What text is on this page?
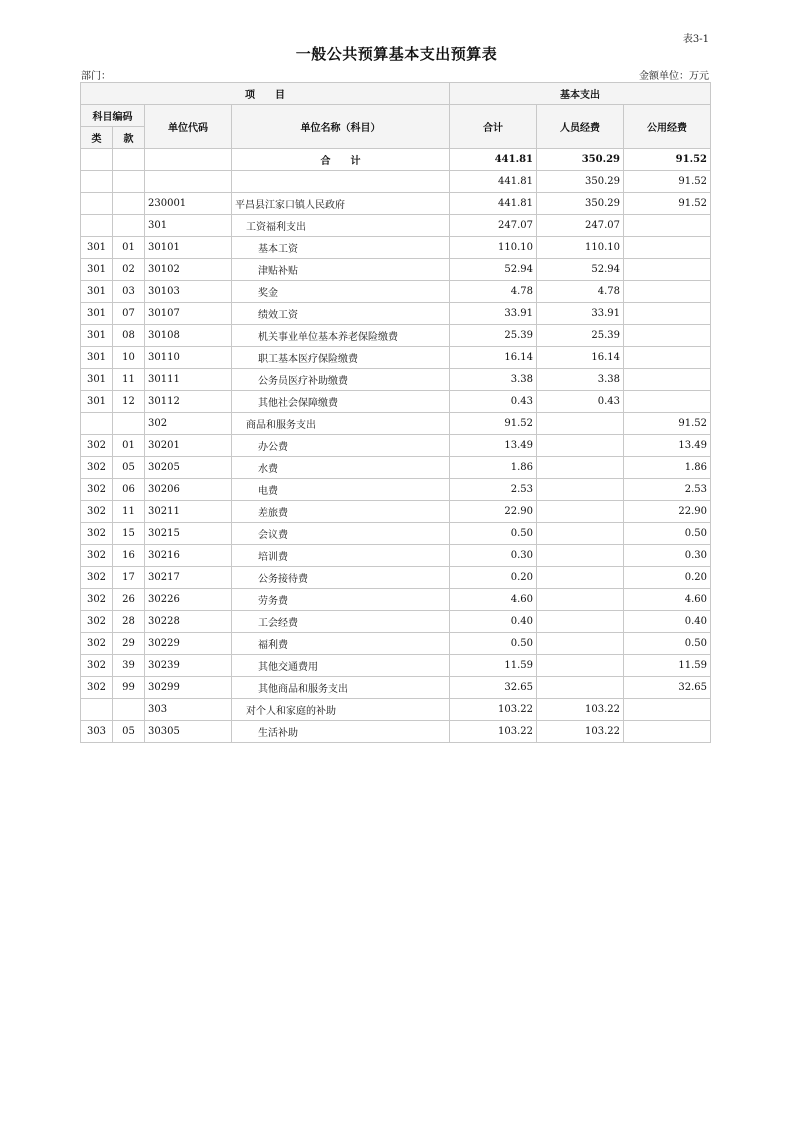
表3-1
一般公共预算基本支出预算表
部门：	金额单位：万元
项　　目				基本支出		
科目编码		单位代码	单位名称（科目）	合计	人员经费	公用经费
类	款					
			合　　计	441.81	350.29	91.52
				441.81	350.29	91.52
		230001	平昌县江家口镇人民政府	441.81	350.29	91.52
		301	工资福利支出	247.07	247.07	
301	01	30101	基本工资	110.10	110.10	
301	02	30102	津贴补贴	52.94	52.94	
301	03	30103	奖金	4.78	4.78	
301	07	30107	绩效工资	33.91	33.91	
301	08	30108	机关事业单位基本养老保险缴费	25.39	25.39	
301	10	30110	职工基本医疗保险缴费	16.14	16.14	
301	11	30111	公务员医疗补助缴费	3.38	3.38	
301	12	30112	其他社会保障缴费	0.43	0.43	
		302	商品和服务支出	91.52		91.52
302	01	30201	办公费	13.49		13.49
302	05	30205	水费	1.86		1.86
302	06	30206	电费	2.53		2.53
302	11	30211	差旅费	22.90		22.90
302	15	30215	会议费	0.50		0.50
302	16	30216	培训费	0.30		0.30
302	17	30217	公务接待费	0.20		0.20
302	26	30226	劳务费	4.60		4.60
302	28	30228	工会经费	0.40		0.40
302	29	30229	福利费	0.50		0.50
302	39	30239	其他交通费用	11.59		11.59
302	99	30299	其他商品和服务支出	32.65		32.65
		303	对个人和家庭的补助	103.22	103.22	
303	05	30305	生活补助	103.22	103.22	
